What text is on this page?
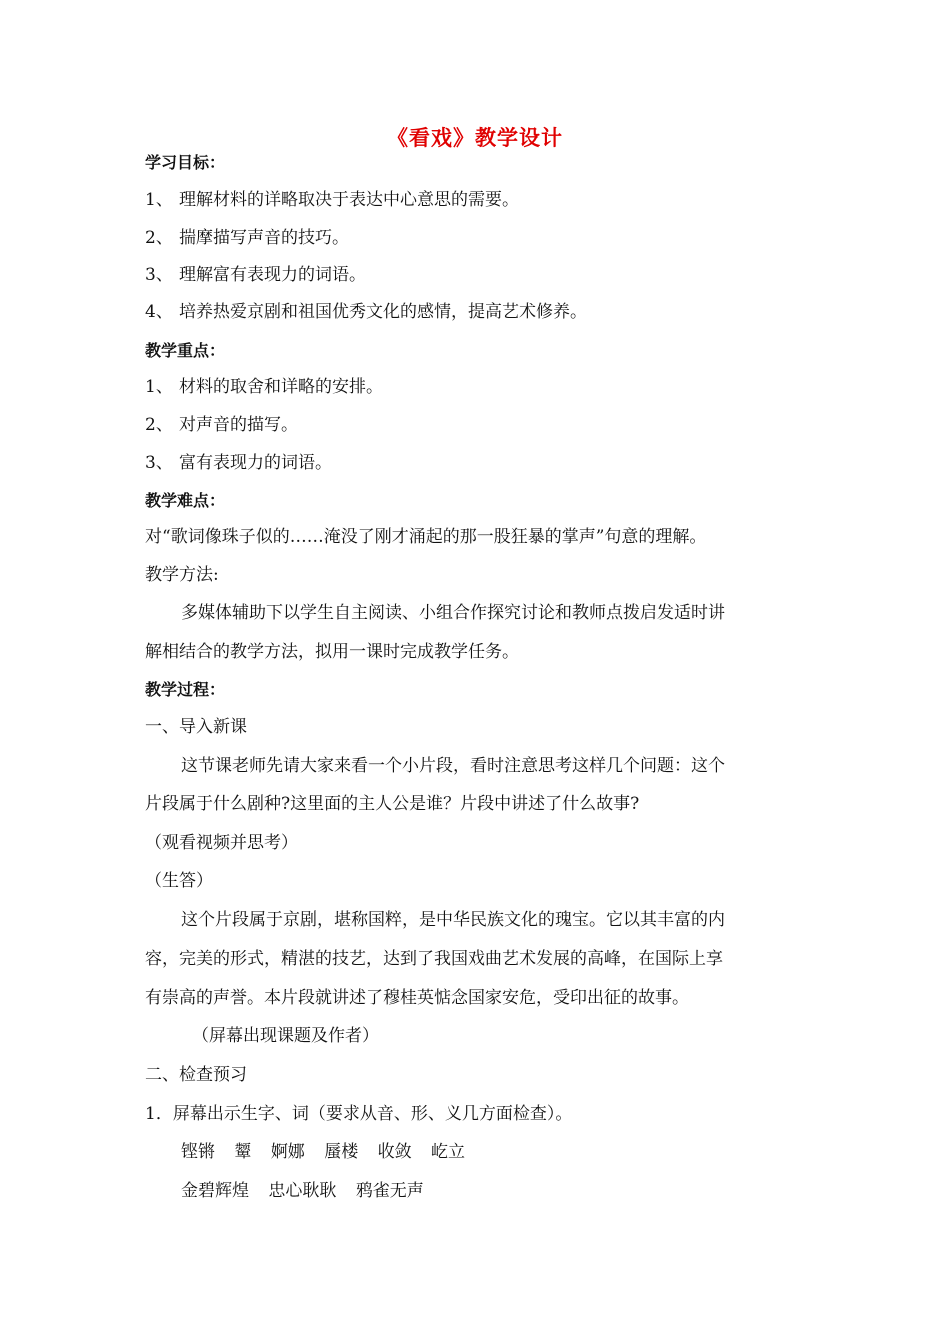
《看戏》教学设计
学习目标：
1、 理解材料的详略取决于表达中心意思的需要。
2、 揣摩描写声音的技巧。
3、 理解富有表现力的词语。
4、 培养热爱京剧和祖国优秀文化的感情，提高艺术修养。
教学重点：
1、 材料的取舍和详略的安排。
2、 对声音的描写。
3、 富有表现力的词语。
教学难点：
对“歌词像珠子似的……淹没了刚才涌起的那一股狂暴的掌声”句意的理解。
教学方法:
多媒体辅助下以学生自主阅读、小组合作探究讨论和教师点拨启发适时讲
解相结合的教学方法，拟用一课时完成教学任务。
教学过程：
一、导入新课
这节课老师先请大家来看一个小片段，看时注意思考这样几个问题：这个
片段属于什么剧种?这里面的主人公是谁？片段中讲述了什么故事?
（观看视频并思考）
（生答）
这个片段属于京剧，堪称国粹，是中华民族文化的瑰宝。它以其丰富的内
容，完美的形式，精湛的技艺，达到了我国戏曲艺术发展的高峰，在国际上享
有崇高的声誉。本片段就讲述了穆桂英惦念国家安危，受印出征的故事。
（屏幕出现课题及作者）
二、检查预习
1．屏幕出示生字、词（要求从音、形、义几方面检查）。
铿锵 颦 婀娜 蜃楼 收敛 屹立
金碧辉煌 忠心耿耿 鸦雀无声
